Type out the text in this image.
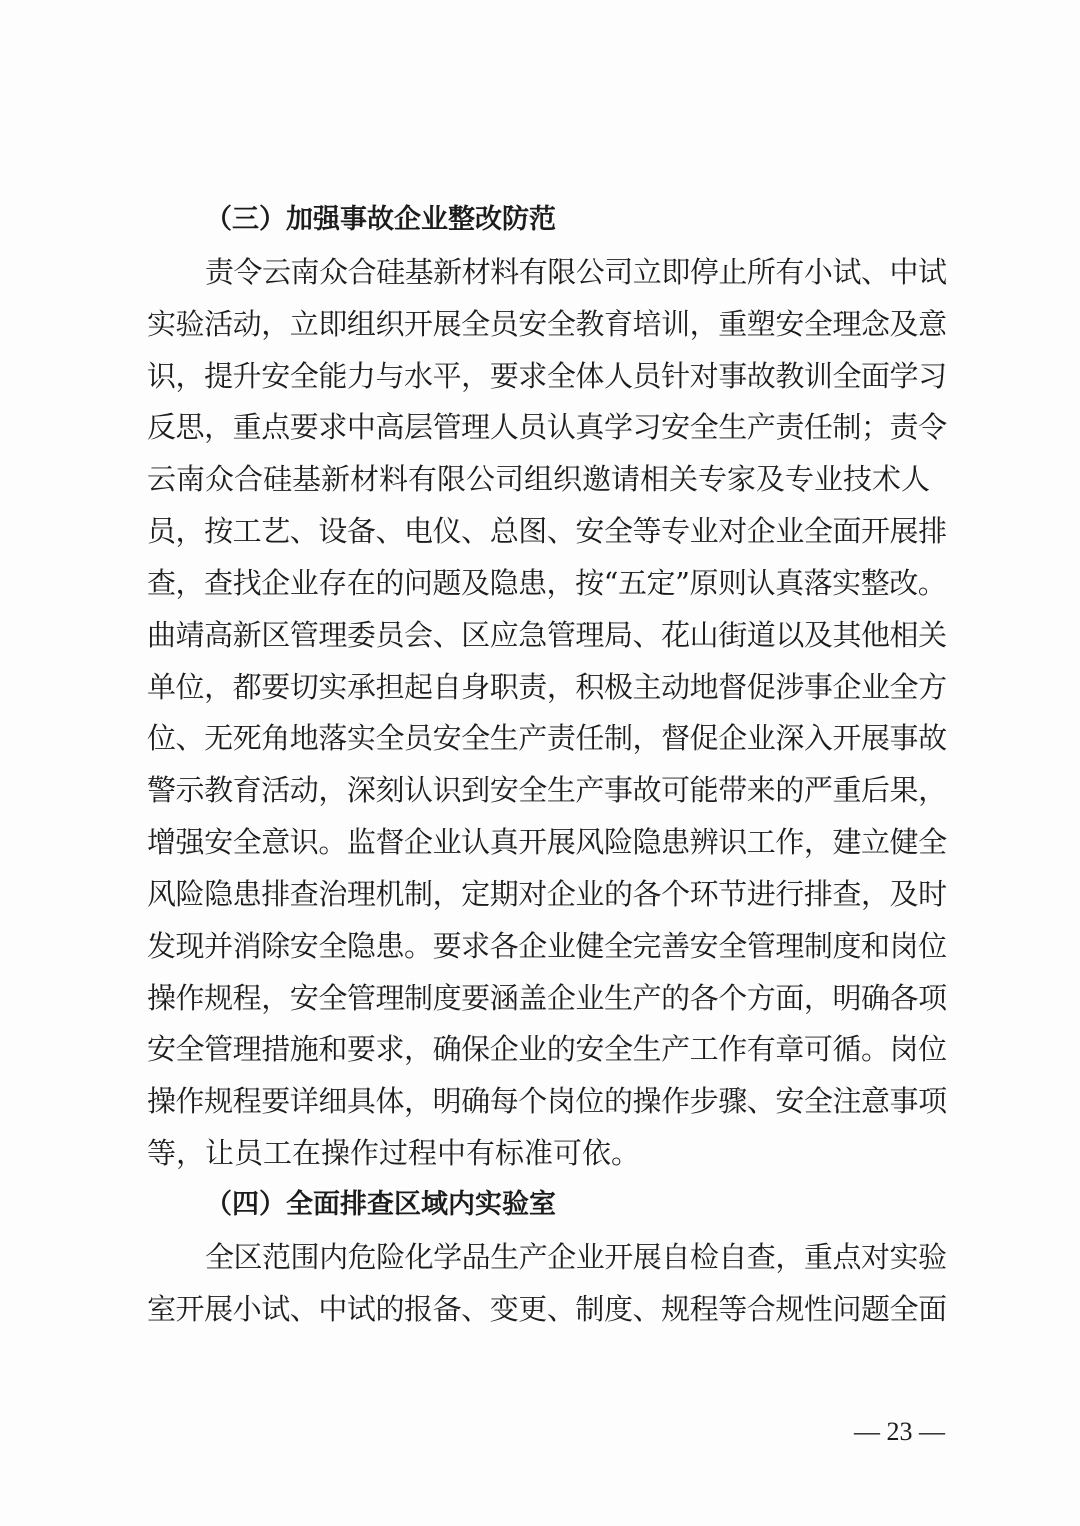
（三）加强事故企业整改防范
责令云南众合硅基新材料有限公司立即停止所有小试、中试
实验活动，立即组织开展全员安全教育培训，重塑安全理念及意
识，提升安全能力与水平，要求全体人员针对事故教训全面学习
反思，重点要求中高层管理人员认真学习安全生产责任制；责令
云南众合硅基新材料有限公司组织邀请相关专家及专业技术人
员，按工艺、设备、电仪、总图、安全等专业对企业全面开展排
查，查找企业存在的问题及隐患，按“五定”原则认真落实整改。
曲靖高新区管理委员会、区应急管理局、花山街道以及其他相关
单位，都要切实承担起自身职责，积极主动地督促涉事企业全方
位、无死角地落实全员安全生产责任制，督促企业深入开展事故
警示教育活动，深刻认识到安全生产事故可能带来的严重后果，
增强安全意识。监督企业认真开展风险隐患辨识工作，建立健全
风险隐患排查治理机制，定期对企业的各个环节进行排查，及时
发现并消除安全隐患。要求各企业健全完善安全管理制度和岗位
操作规程，安全管理制度要涵盖企业生产的各个方面，明确各项
安全管理措施和要求，确保企业的安全生产工作有章可循。岗位
操作规程要详细具体，明确每个岗位的操作步骤、安全注意事项
等，让员工在操作过程中有标准可依。
（四）全面排查区域内实验室
全区范围内危险化学品生产企业开展自检自查，重点对实验
室开展小试、中试的报备、变更、制度、规程等合规性问题全面
— 23 —
